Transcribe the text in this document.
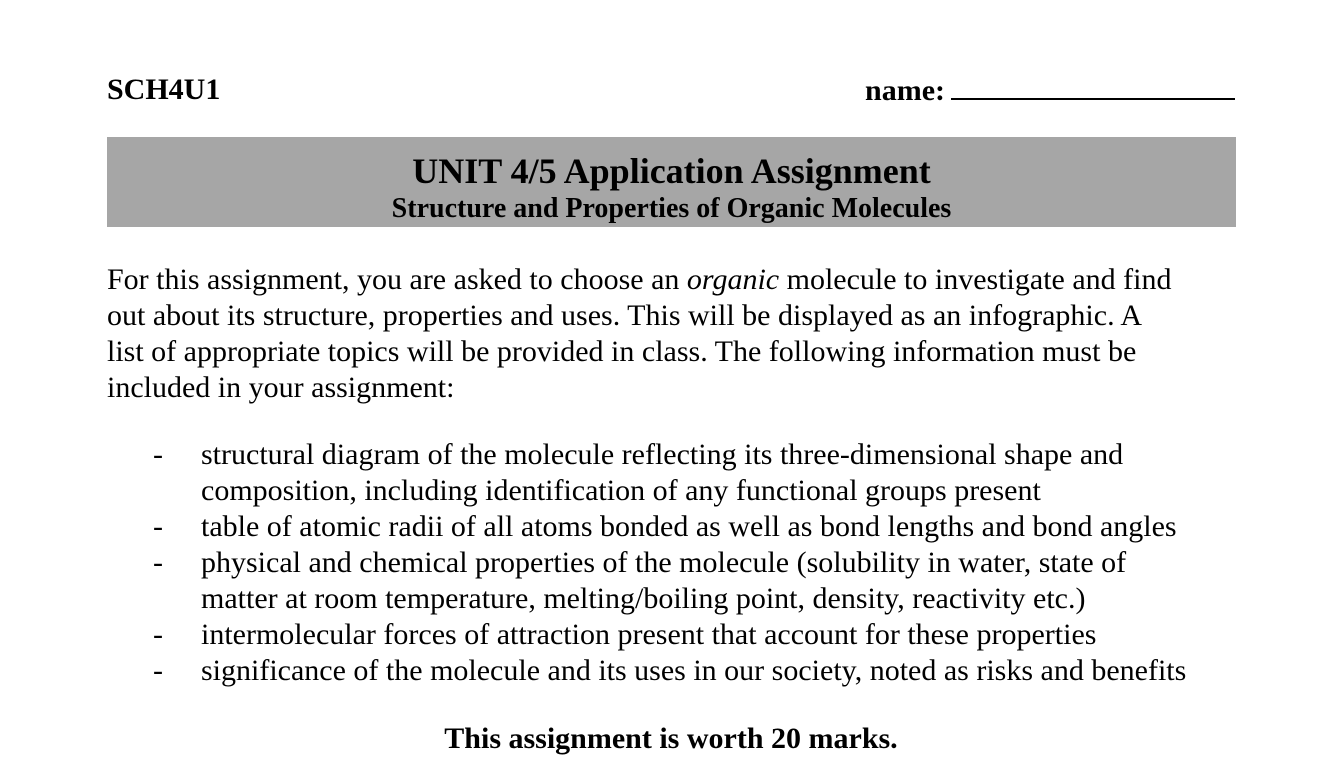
SCH4U1	name:
UNIT 4/5 Application Assignment
Structure and Properties of Organic Molecules

For this assignment, you are asked to choose an organic molecule to investigate and find
out about its structure, properties and uses. This will be displayed as an infographic. A
list of appropriate topics will be provided in class. The following information must be
included in your assignment:

- structural diagram of the molecule reflecting its three-dimensional shape and
composition, including identification of any functional groups present
- table of atomic radii of all atoms bonded as well as bond lengths and bond angles
- physical and chemical properties of the molecule (solubility in water, state of
matter at room temperature, melting/boiling point, density, reactivity etc.)
- intermolecular forces of attraction present that account for these properties
- significance of the molecule and its uses in our society, noted as risks and benefits
This assignment is worth 20 marks.
